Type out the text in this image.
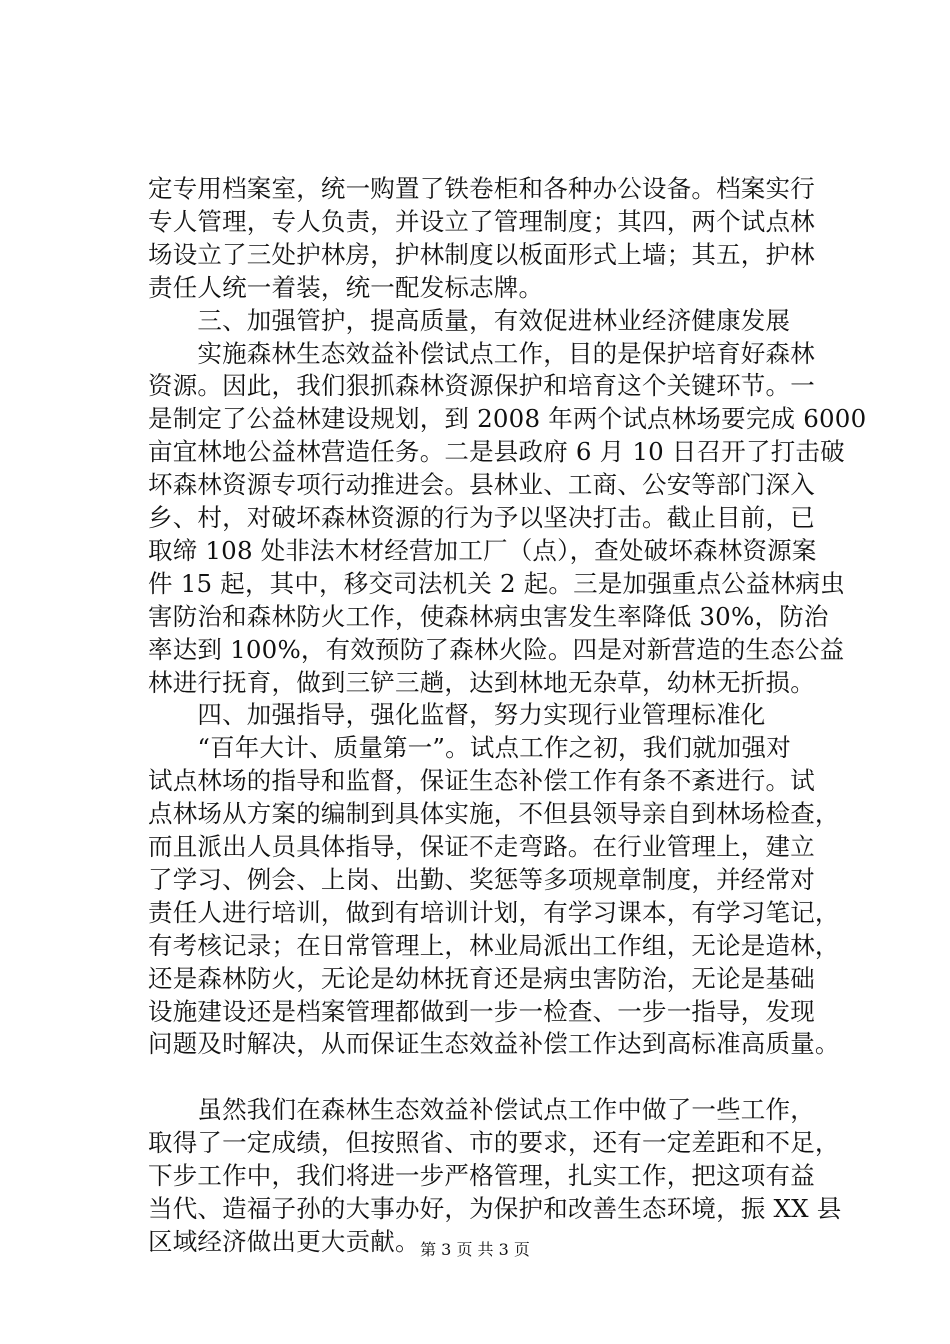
定专用档案室，统一购置了铁卷柜和各种办公设备。档案实行
专人管理，专人负责，并设立了管理制度；其四，两个试点林
场设立了三处护林房，护林制度以板面形式上墙；其五，护林
责任人统一着装，统一配发标志牌。
　　三、加强管护，提高质量，有效促进林业经济健康发展
　　实施森林生态效益补偿试点工作，目的是保护培育好森林
资源。因此，我们狠抓森林资源保护和培育这个关键环节。一
是制定了公益林建设规划，到 2008 年两个试点林场要完成 6000
亩宜林地公益林营造任务。二是县政府 6 月 10 日召开了打击破
坏森林资源专项行动推进会。县林业、工商、公安等部门深入
乡、村，对破坏森林资源的行为予以坚决打击。截止目前，已
取缔 108 处非法木材经营加工厂（点），查处破坏森林资源案
件 15 起，其中，移交司法机关 2 起。三是加强重点公益林病虫
害防治和森林防火工作，使森林病虫害发生率降低 30%，防治
率达到 100%，有效预防了森林火险。四是对新营造的生态公益
林进行抚育，做到三铲三趟，达到林地无杂草，幼林无折损。
　　四、加强指导，强化监督，努力实现行业管理标准化
　　“百年大计、质量第一”。试点工作之初，我们就加强对
试点林场的指导和监督，保证生态补偿工作有条不紊进行。试
点林场从方案的编制到具体实施，不但县领导亲自到林场检查，
而且派出人员具体指导，保证不走弯路。在行业管理上，建立
了学习、例会、上岗、出勤、奖惩等多项规章制度，并经常对
责任人进行培训，做到有培训计划，有学习课本，有学习笔记，
有考核记录；在日常管理上，林业局派出工作组，无论是造林，
还是森林防火，无论是幼林抚育还是病虫害防治，无论是基础
设施建设还是档案管理都做到一步一检查、一步一指导，发现
问题及时解决，从而保证生态效益补偿工作达到高标准高质量。
　　虽然我们在森林生态效益补偿试点工作中做了一些工作，
取得了一定成绩，但按照省、市的要求，还有一定差距和不足，
下步工作中，我们将进一步严格管理，扎实工作，把这项有益
当代、造福子孙的大事办好，为保护和改善生态环境，振 XX 县
区域经济做出更大贡献。 第 3 页 共 3 页
